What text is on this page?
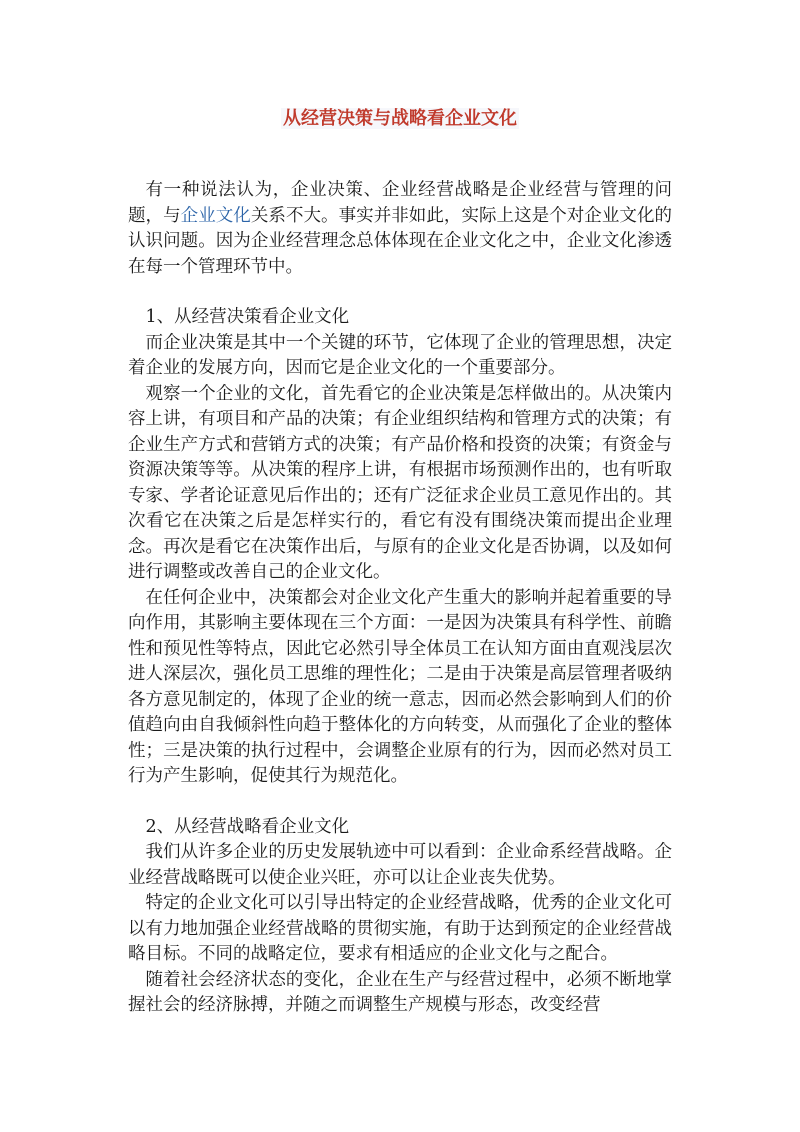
从经营决策与战略看企业文化

有一种说法认为，企业决策、企业经营战略是企业经营与管理的问题，与企业文化关系不大。事实并非如此，实际上这是个对企业文化的认识问题。因为企业经营理念总体体现在企业文化之中，企业文化渗透在每一个管理环节中。

1、从经营决策看企业文化

而企业决策是其中一个关键的环节，它体现了企业的管理思想，决定着企业的发展方向，因而它是企业文化的一个重要部分。

观察一个企业的文化，首先看它的企业决策是怎样做出的。从决策内容上讲，有项目和产品的决策；有企业组织结构和管理方式的决策；有企业生产方式和营销方式的决策；有产品价格和投资的决策；有资金与资源决策等等。从决策的程序上讲，有根据市场预测作出的，也有听取专家、学者论证意见后作出的；还有广泛征求企业员工意见作出的。其次看它在决策之后是怎样实行的，看它有没有围绕决策而提出企业理念。再次是看它在决策作出后，与原有的企业文化是否协调，以及如何进行调整或改善自己的企业文化。

在任何企业中，决策都会对企业文化产生重大的影响并起着重要的导向作用，其影响主要体现在三个方面：一是因为决策具有科学性、前瞻性和预见性等特点，因此它必然引导全体员工在认知方面由直观浅层次进人深层次，强化员工思维的理性化；二是由于决策是高层管理者吸纳各方意见制定的，体现了企业的统一意志，因而必然会影响到人们的价值趋向由自我倾斜性向趋于整体化的方向转变，从而强化了企业的整体性；三是决策的执行过程中，会调整企业原有的行为，因而必然对员工行为产生影响，促使其行为规范化。

2、从经营战略看企业文化

我们从许多企业的历史发展轨迹中可以看到：企业命系经营战略。企业经营战略既可以使企业兴旺，亦可以让企业丧失优势。

特定的企业文化可以引导出特定的企业经营战略，优秀的企业文化可以有力地加强企业经营战略的贯彻实施，有助于达到预定的企业经营战略目标。不同的战略定位，要求有相适应的企业文化与之配合。

随着社会经济状态的变化，企业在生产与经营过程中，必须不断地掌握社会的经济脉搏，并随之而调整生产规模与形态，改变经营
